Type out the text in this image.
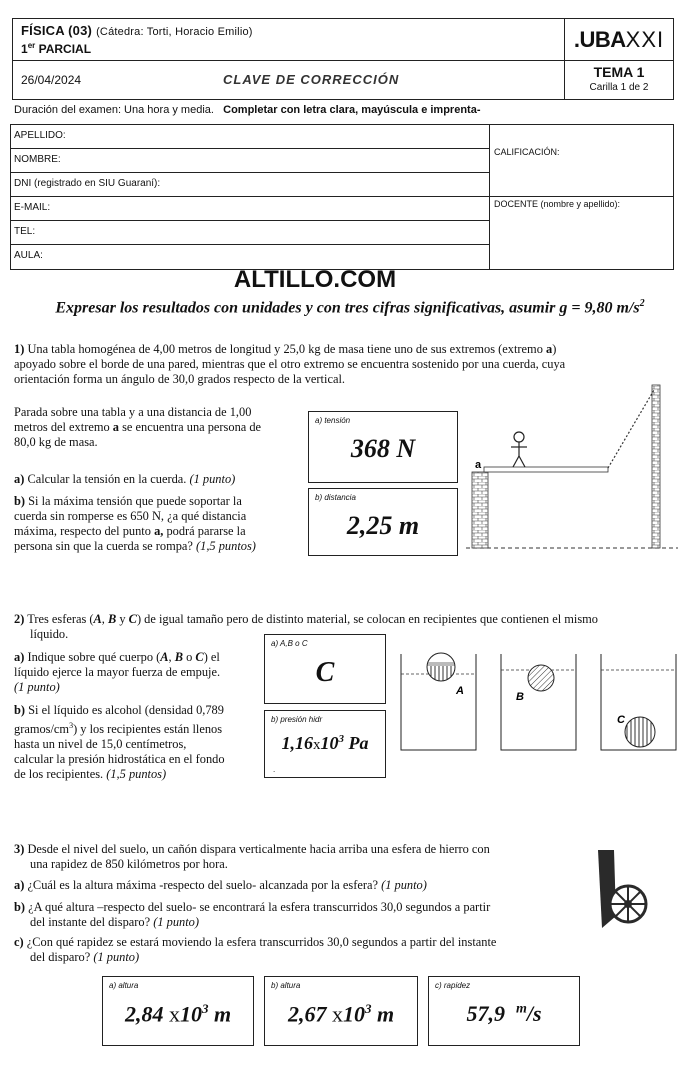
FÍSICA (03) (Cátedra: Torti, Horacio Emilio)
1er PARCIAL	.UBAXXI
26/04/2024	CLAVE DE CORRECCIÓN	TEMA 1
Carilla 1 de 2
Duración del examen: Una hora y media. Completar con letra clara, mayúscula e imprenta-
APELLIDO:
NOMBRE:
DNI (registrado en SIU Guaraní):
E-MAIL:
TEL:
AULA:
CALIFICACIÓN:
DOCENTE (nombre y apellido):
ALTILLO.COM
Expresar los resultados con unidades y con tres cifras significativas, asumir g = 9,80 $m/s^2$
1) Una tabla homogénea de 4,00 metros de longitud y 25,0 kg de masa tiene uno de sus extremos (extremo a)
apoyado sobre el borde de una pared, mientras que el otro extremo se encuentra sostenido por una cuerda, cuya
orientación forma un ángulo de 30,0 grados respecto de la vertical.
Parada sobre una tabla y a una distancia de 1,00
metros del extremo a se encuentra una persona de
80,0 kg de masa.
a) Calcular la tensión en la cuerda. (1 punto)
b) Si la máxima tensión que puede soportar la
cuerda sin romperse es 650 N, ¿a qué distancia
máxima, respecto del punto a, podrá pararse la
persona sin que la cuerda se rompa? (1,5 puntos)
a) tensión
368 N
b) distancia
2,25 m
a
2) Tres esferas (A, B y C) de igual tamaño pero de distinto material, se colocan en recipientes que contienen el mismo
líquido.
a) Indique sobre qué cuerpo (A, B o C) el
líquido ejerce la mayor fuerza de empuje.
(1 punto)
b) Si el líquido es alcohol (densidad 0,789
gramos/$cm^3$) y los recipientes están llenos
hasta un nivel de 15,0 centímetros,
calcular la presión hidrostática en el fondo
de los recipientes. (1,5 puntos)
a) A,B o C
C
b) presión hidr
$1,16x10^3$ Pa
.
A	B
C
3) Desde el nivel del suelo, un cañón dispara verticalmente hacia arriba una esfera de hierro con
una rapidez de 850 kilómetros por hora.
a) ¿Cuál es la altura máxima -respecto del suelo- alcanzada por la esfera? (1 punto)
b) ¿A qué altura –respecto del suelo- se encontrará la esfera transcurridos 30,0 segundos a partir
del instante del disparo? (1 punto)
c) ¿Con qué rapidez se estará moviendo la esfera transcurridos 30,0 segundos a partir del instante
del disparo? (1 punto)
a) altura
2,84 $x10^3$ m
b) altura
2,67 $x10^3$ m
c) rapidez
57,9 $^m$/s
